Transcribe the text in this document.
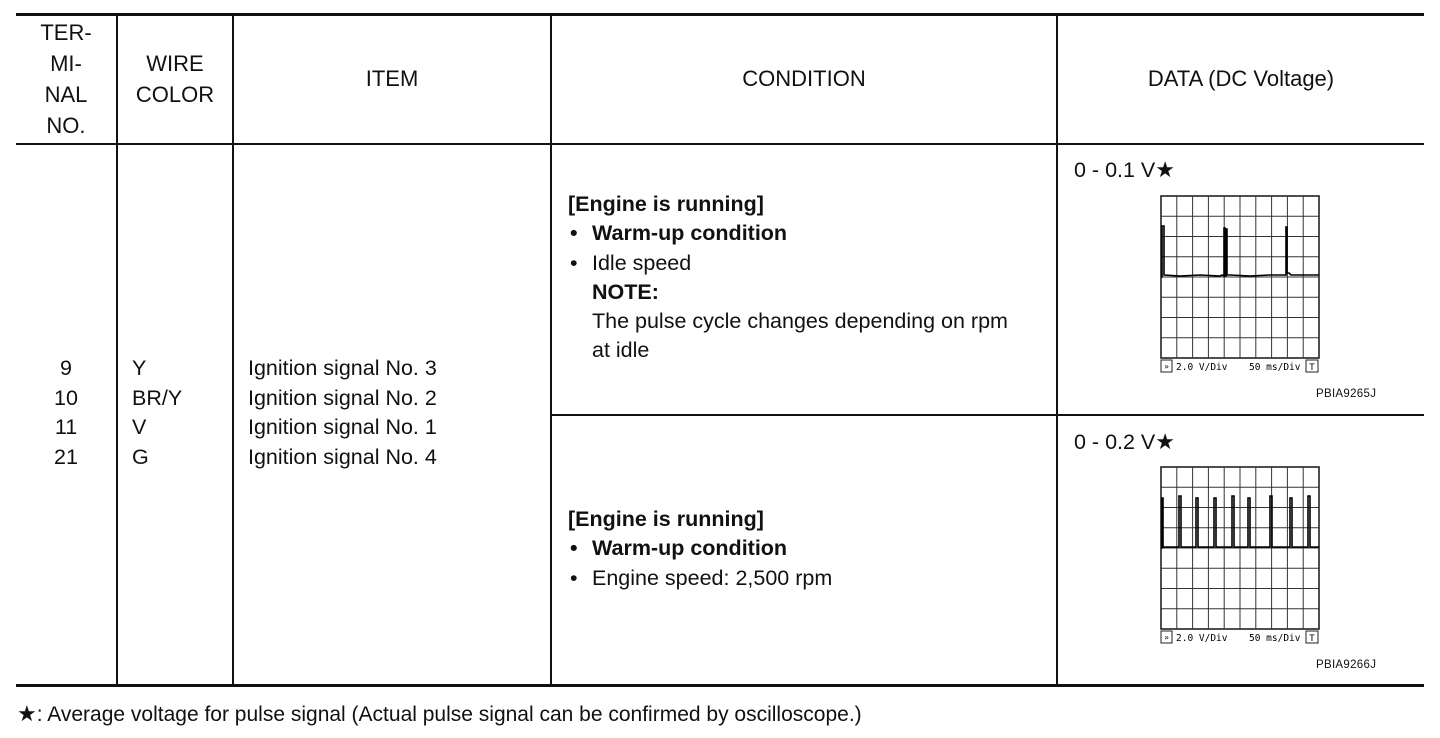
TER-
MI-
NAL
NO.
WIRE
COLOR
ITEM	CONDITION	DATA (DC Voltage)
9
10
11
21
Y
BR/Y
V
G
Ignition signal No. 3
Ignition signal No. 2
Ignition signal No. 1
Ignition signal No. 4
[Engine is running]
• Warm-up condition
• Idle speed
NOTE:
The pulse cycle changes depending on rpm
at idle
[Engine is running]
• Warm-up condition
• Engine speed: 2,500 rpm
0 - 0.1 V★
0 - 0.2 V★
» 2.0 V/Div 50 ms/Div T
PBIA9265J
» 2.0 V/Div 50 ms/Div T
PBIA9266J
★: Average voltage for pulse signal (Actual pulse signal can be confirmed by oscilloscope.)
